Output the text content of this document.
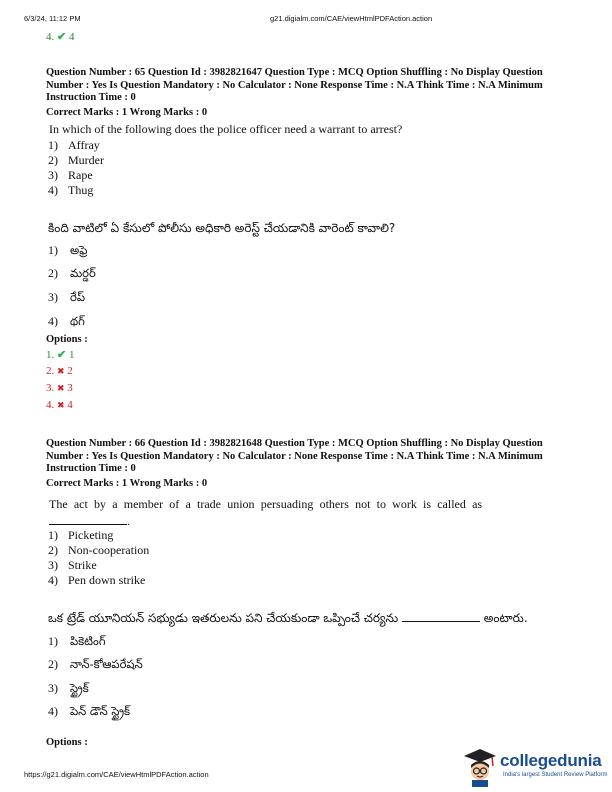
6/3/24, 11:12 PM	g21.digialm.com/CAE/viewHtmlPDFAction.action
4. ✔ 4
Question Number : 65 Question Id : 3982821647 Question Type : MCQ Option Shuffling : No Display Question Number : Yes Is Question Mandatory : No Calculator : None Response Time : N.A Think Time : N.A Minimum Instruction Time : 0
Correct Marks : 1 Wrong Marks : 0
In which of the following does the police officer need a warrant to arrest?
1) Affray
2) Murder
3) Rape
4) Thug
కింది వాటిలో ఏ కేసులో పోలీసు అధికారి అరెస్ట్ చేయడానికి వారెంట్ కావాలి?
1) అఫ్రె
2) మర్డర్
3) రేప్
4) థగ్
Options :
1. ✔ 1
2. ✖ 2
3. ✖ 3
4. ✖ 4
Question Number : 66 Question Id : 3982821648 Question Type : MCQ Option Shuffling : No Display Question Number : Yes Is Question Mandatory : No Calculator : None Response Time : N.A Think Time : N.A Minimum Instruction Time : 0
Correct Marks : 1 Wrong Marks : 0
The act by a member of a trade union persuading others not to work is called as
.
1) Picketing
2) Non-cooperation
3) Strike
4) Pen down strike
ఒక ట్రేడ్ యూనియన్ సభ్యుడు ఇతరులను పని చేయకుండా ఒప్పించే చర్యను	అంటారు.
1) పికెటింగ్
2) నాన్-కోఆపరేషన్
3) స్ట్రైక్
4) పెన్ డౌన్ స్ట్రైక్
Options :
https://g21.digialm.com/CAE/viewHtmlPDFAction.action
collegedunia
India's largest Student Review Platform
